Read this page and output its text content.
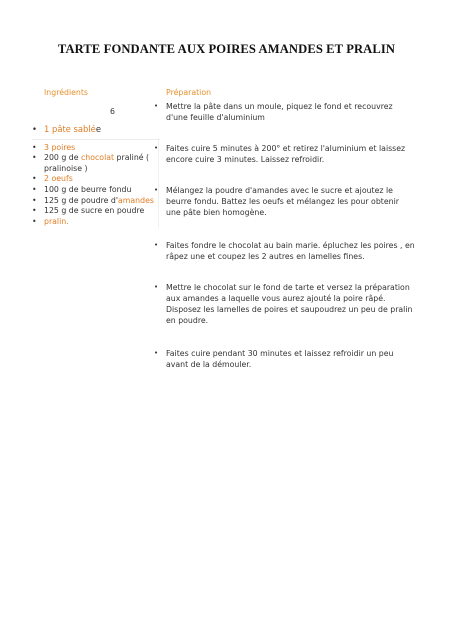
TARTE FONDANTE AUX POIRES AMANDES ET PRALIN
Ingrédients	Préparation
6
• 1 pâte sablée
• 3 poires
• 200 g de chocolat praliné ( pralinoise )
• 2 oeufs
• 100 g de beurre fondu
• 125 g de poudre d'amandes
• 125 g de sucre en poudre
• pralin.
• Mettre la pâte dans un moule, piquez le fond et recouvrez d'une feuille d'aluminium
• Faites cuire 5 minutes à 200° et retirez l'aluminium et laissez encore cuire 3 minutes. Laissez refroidir.
• Mélangez la poudre d'amandes avec le sucre et ajoutez le beurre fondu. Battez les oeufs et mélangez les pour obtenir une pâte bien homogène.
• Faites fondre le chocolat au bain marie. épluchez les poires , en râpez une et coupez les 2 autres en lamelles fines.
• Mettre le chocolat sur le fond de tarte et versez la préparation aux amandes a laquelle vous aurez ajouté la poire râpé. Disposez les lamelles de poires et saupoudrez un peu de pralin en poudre.
• Faites cuire pendant 30 minutes et laissez refroidir un peu avant de la démouler.
